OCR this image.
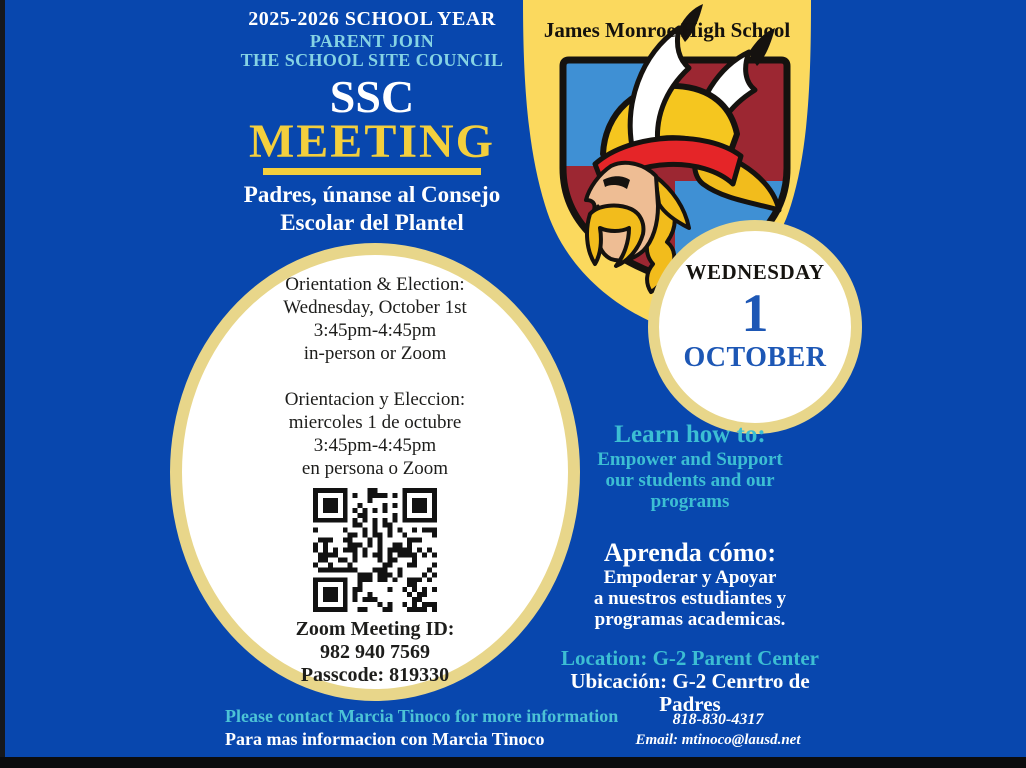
James Monroe High School
2025-2026 SCHOOL YEAR
PARENT JOIN
THE SCHOOL SITE COUNCIL
SSC
MEETING
Padres, únanse al Consejo
Escolar del Plantel
Orientation & Election:
Wednesday, October 1st
3:45pm-4:45pm
in-person or Zoom
Orientacion y Eleccion:
miercoles 1 de octubre
3:45pm-4:45pm
en persona o Zoom
Zoom Meeting ID:
982 940 7569
Passcode: 819330
WEDNESDAY
1
OCTOBER
Learn how to:
Empower and Support
our students and our
programs
Aprenda cómo:
Empoderar y Apoyar
a nuestros estudiantes y
programas academicas.
Location: G-2 Parent Center
Ubicación: G-2 Cenrtro de
Padres
Please contact Marcia Tinoco for more information
Para mas informacion con Marcia Tinoco
818-830-4317
Email: mtinoco@lausd.net
